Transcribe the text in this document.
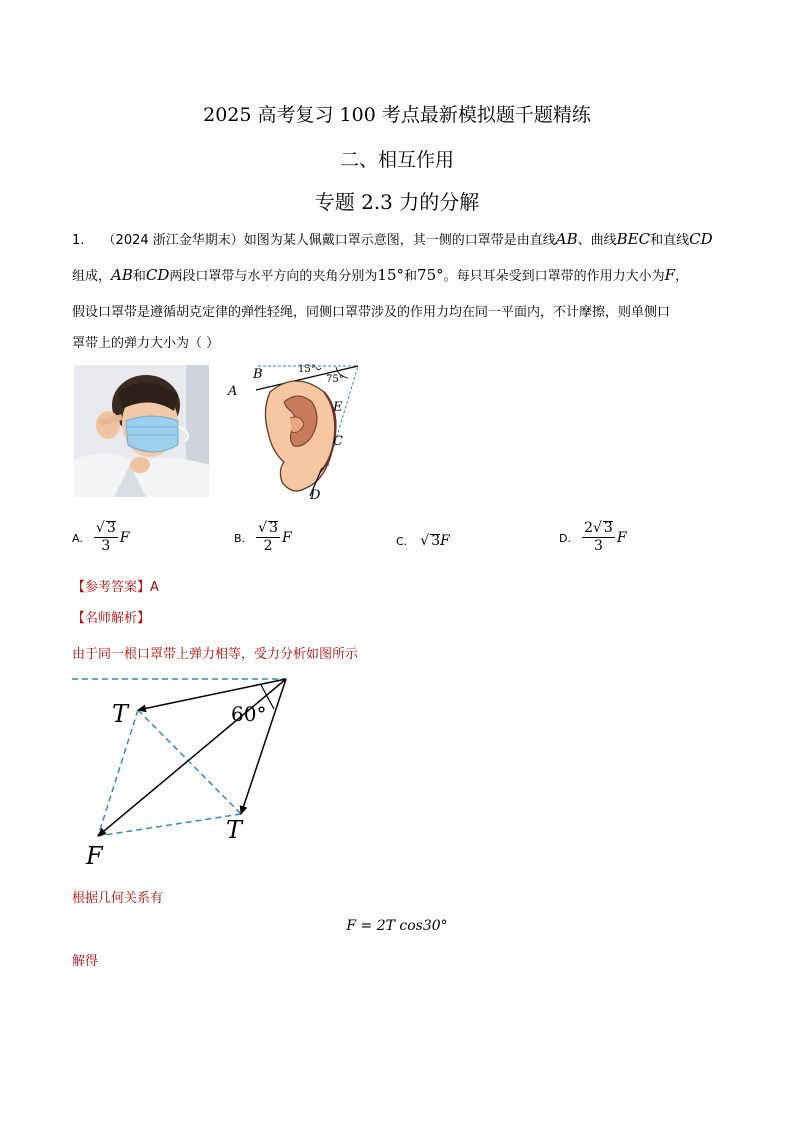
2025 高考复习 100 考点最新模拟题千题精练
二、相互作用
专题 2.3 力的分解
1. （2024 浙江金华期末）如图为某人佩戴口罩示意图，其一侧的口罩带是由直线AB、曲线BEC和直线CD
组成，AB和CD两段口罩带与水平方向的夹角分别为15°和75°。每只耳朵受到口罩带的作用力大小为F，
假设口罩带是遵循胡克定律的弹性轻绳，同侧口罩带涉及的作用力均在同一平面内，不计摩擦，则单侧口
罩带上的弹力大小为（ ）
A
B	15°
75°
E
C
D
A. $\frac{√ 3}{3}$ F	B. $\frac{√ 3}{2}$ F	C. √ 3F	D. $\frac{2√ 3}{3}$ F
【参考答案】A
【名师解析】
由于同一根口罩带上弹力相等，受力分析如图所示
T	60°
T
F
根据几何关系有
F = 2T cos30°
解得
